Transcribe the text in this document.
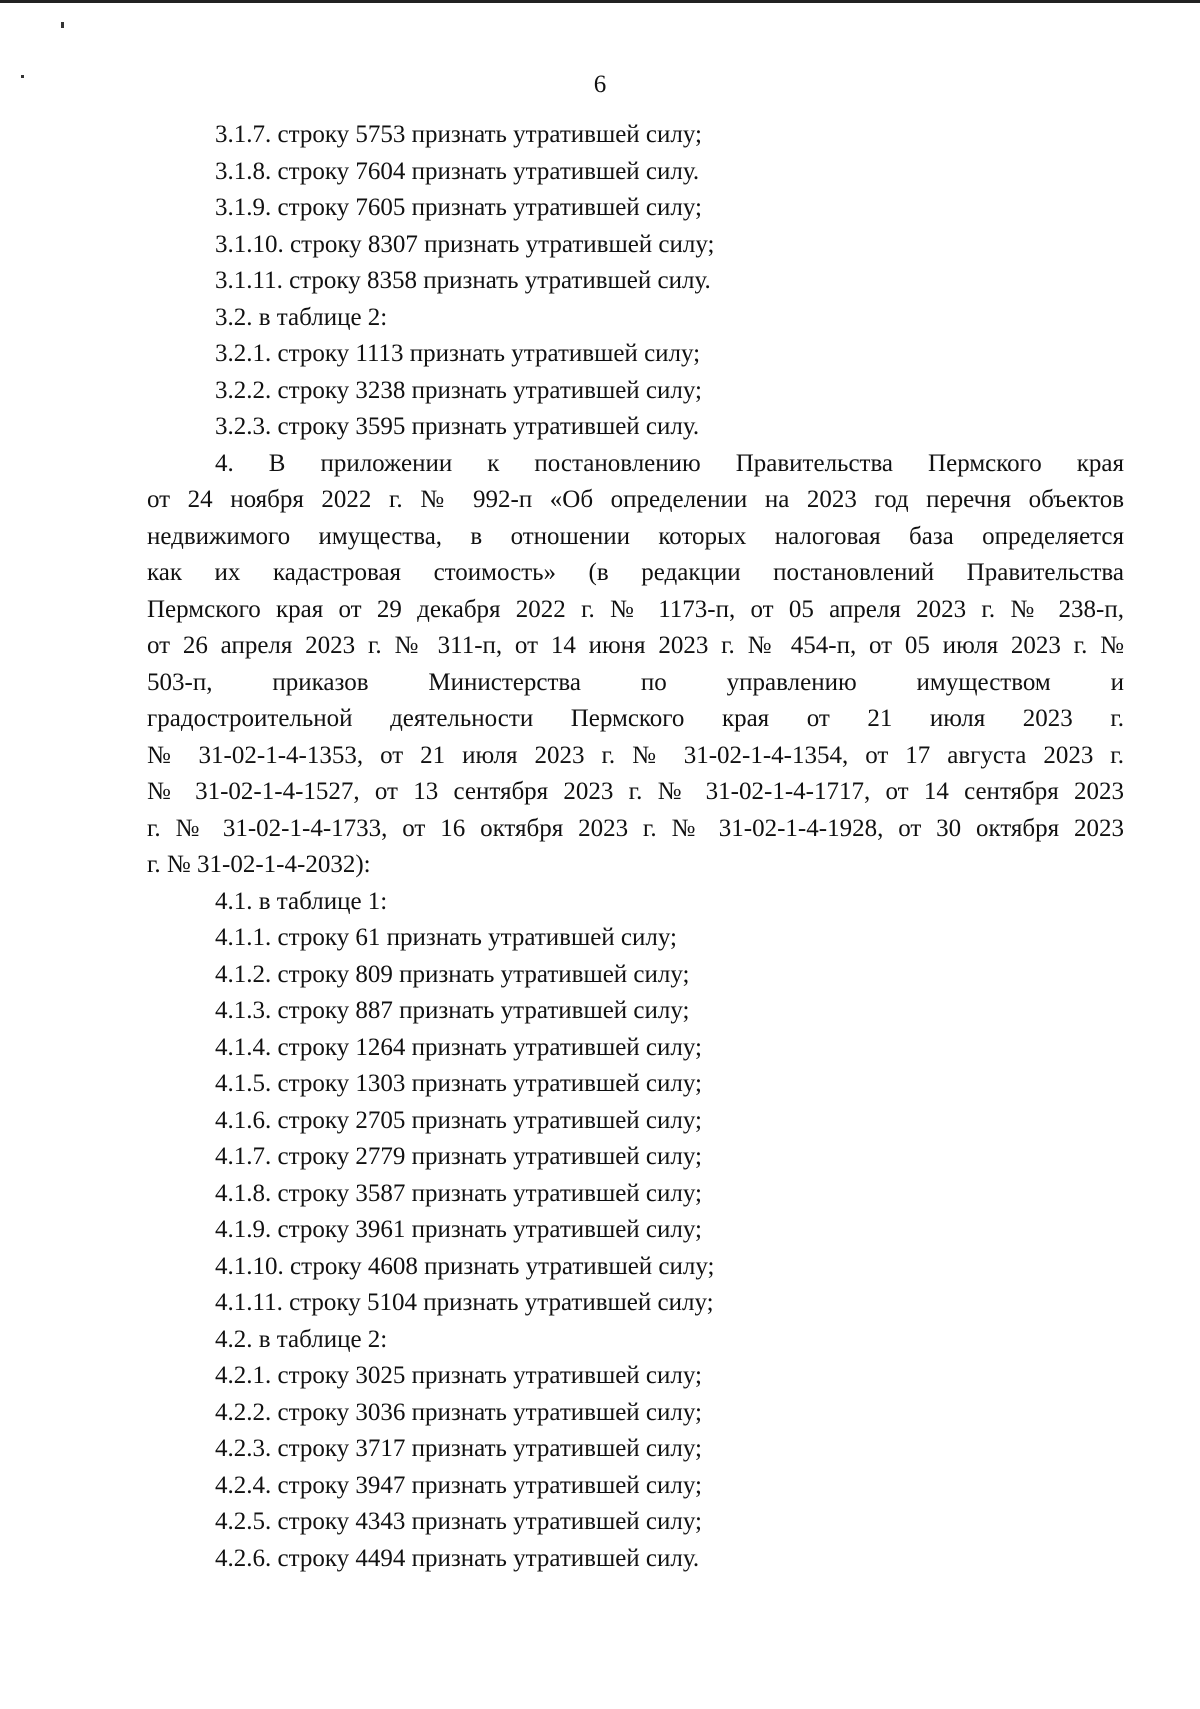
6
3.1.7. строку 5753 признать утратившей силу;
3.1.8. строку 7604 признать утратившей силу.
3.1.9. строку 7605 признать утратившей силу;
3.1.10. строку 8307 признать утратившей силу;
3.1.11. строку 8358 признать утратившей силу.
3.2. в таблице 2:
3.2.1. строку 1113 признать утратившей силу;
3.2.2. строку 3238 признать утратившей силу;
3.2.3. строку 3595 признать утратившей силу.
4. В приложении к постановлению Правительства Пермского края
от 24 ноября 2022 г. № 992-п «Об определении на 2023 год перечня объектов
недвижимого имущества, в отношении которых налоговая база определяется
как их кадастровая стоимость» (в редакции постановлений Правительства
Пермского края от 29 декабря 2022 г. № 1173-п, от 05 апреля 2023 г. № 238-п,
от 26 апреля 2023 г. № 311-п, от 14 июня 2023 г. № 454-п, от 05 июля 2023 г. №
503-п, приказов Министерства по управлению имуществом и
градостроительной деятельности Пермского края от 21 июля 2023 г.
№ 31-02-1-4-1353, от 21 июля 2023 г. № 31-02-1-4-1354, от 17 августа 2023 г.
№ 31-02-1-4-1527, от 13 сентября 2023 г. № 31-02-1-4-1717, от 14 сентября 2023
г. № 31-02-1-4-1733, от 16 октября 2023 г. № 31-02-1-4-1928, от 30 октября 2023
г. № 31-02-1-4-2032):
4.1. в таблице 1:
4.1.1. строку 61 признать утратившей силу;
4.1.2. строку 809 признать утратившей силу;
4.1.3. строку 887 признать утратившей силу;
4.1.4. строку 1264 признать утратившей силу;
4.1.5. строку 1303 признать утратившей силу;
4.1.6. строку 2705 признать утратившей силу;
4.1.7. строку 2779 признать утратившей силу;
4.1.8. строку 3587 признать утратившей силу;
4.1.9. строку 3961 признать утратившей силу;
4.1.10. строку 4608 признать утратившей силу;
4.1.11. строку 5104 признать утратившей силу;
4.2. в таблице 2:
4.2.1. строку 3025 признать утратившей силу;
4.2.2. строку 3036 признать утратившей силу;
4.2.3. строку 3717 признать утратившей силу;
4.2.4. строку 3947 признать утратившей силу;
4.2.5. строку 4343 признать утратившей силу;
4.2.6. строку 4494 признать утратившей силу.
